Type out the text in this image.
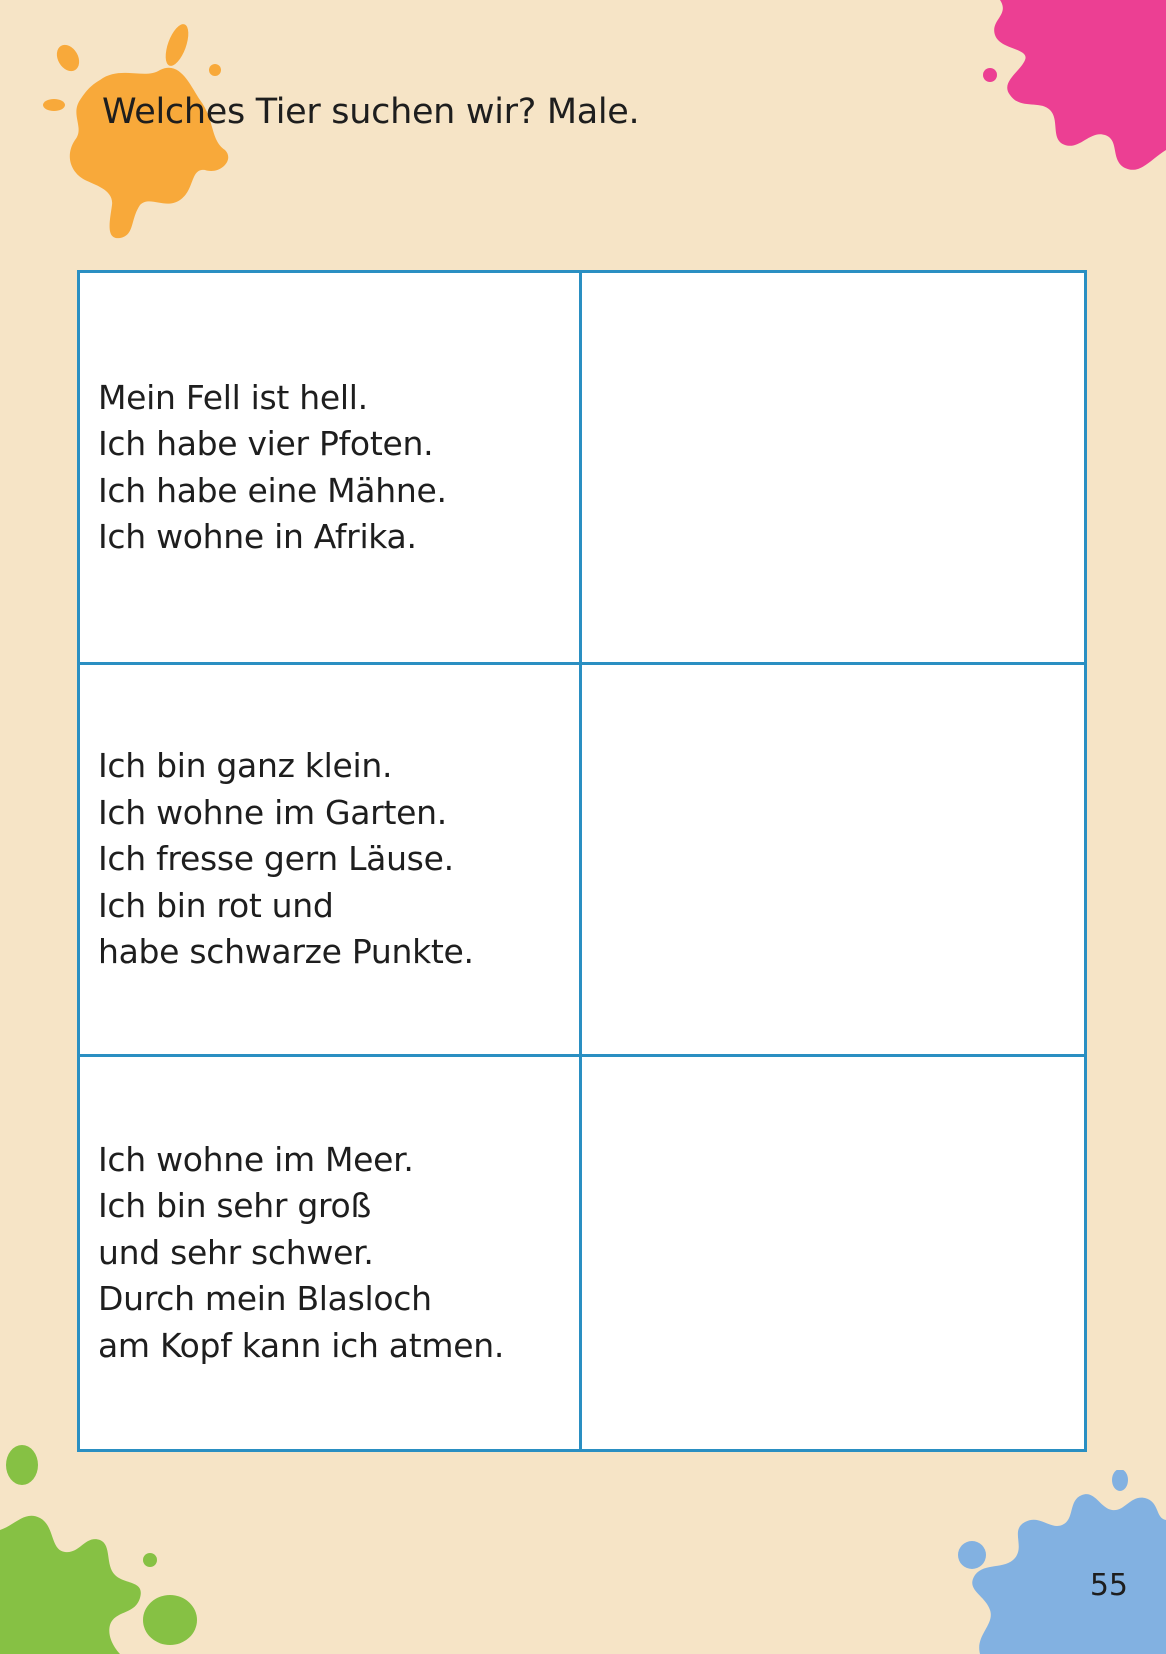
Welches Tier suchen wir? Male.
Mein Fell ist hell.
Ich habe vier Pfoten.
Ich habe eine Mähne.
Ich wohne in Afrika.
Ich bin ganz klein.
Ich wohne im Garten.
Ich fresse gern Läuse.
Ich bin rot und
habe schwarze Punkte.
Ich wohne im Meer.
Ich bin sehr groß
und sehr schwer.
Durch mein Blasloch
am Kopf kann ich atmen.
55
